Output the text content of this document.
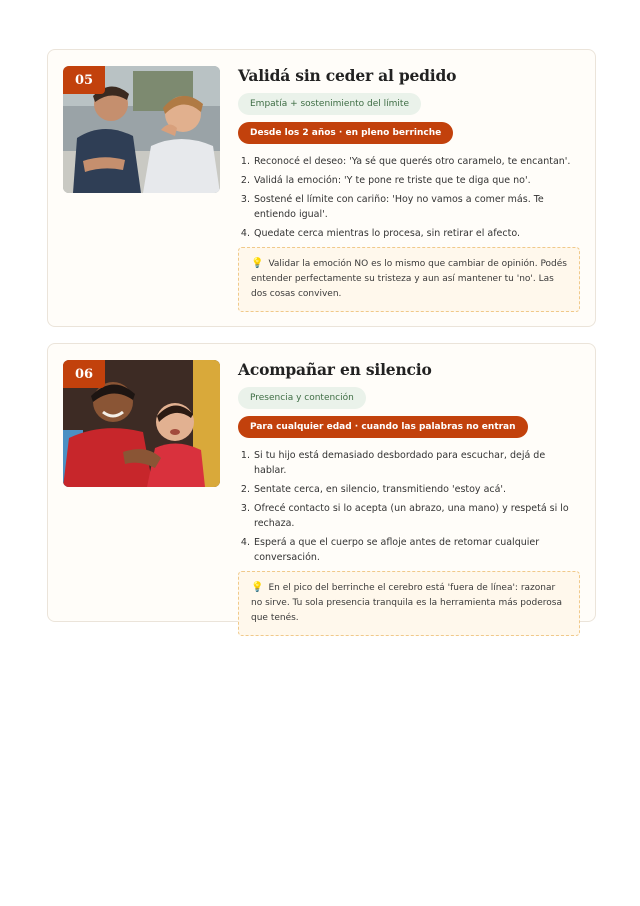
05	Validá sin ceder al pedido
Empatía + sostenimiento del límite
Desde los 2 años · en pleno berrinche
1. Reconocé el deseo: 'Ya sé que querés otro caramelo, te encantan'.
2. Validá la emoción: 'Y te pone re triste que te diga que no'.
3. Sostené el límite con cariño: 'Hoy no vamos a comer más. Te entiendo igual'.
4. Quedate cerca mientras lo procesa, sin retirar el afecto.
💡 Validar la emoción NO es lo mismo que cambiar de opinión. Podés entender perfectamente su tristeza y aun así mantener tu 'no'. Las dos cosas conviven.
06	Acompañar en silencio
Presencia y contención
Para cualquier edad · cuando las palabras no entran
1. Si tu hijo está demasiado desbordado para escuchar, dejá de hablar.
2. Sentate cerca, en silencio, transmitiendo 'estoy acá'.
3. Ofrecé contacto si lo acepta (un abrazo, una mano) y respetá si lo rechaza.
4. Esperá a que el cuerpo se afloje antes de retomar cualquier conversación.
💡 En el pico del berrinche el cerebro está 'fuera de línea': razonar no sirve. Tu sola presencia tranquila es la herramienta más poderosa que tenés.
